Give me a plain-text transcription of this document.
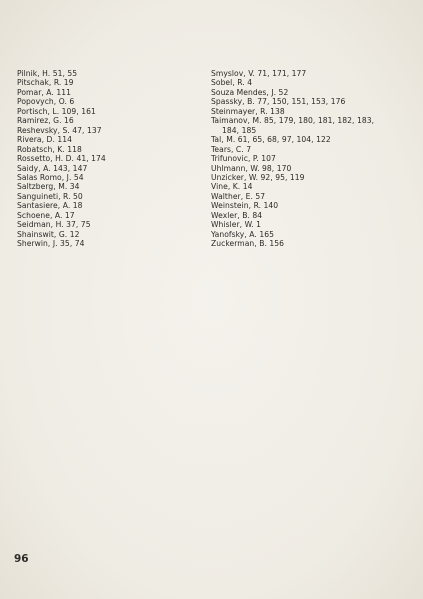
Pilnik, H. 51, 55
Pitschak, R. 19
Pomar, A. 111
Popovych, O. 6
Portisch, L. 109, 161
Ramirez, G. 16
Reshevsky, S. 47, 137
Rivera, D. 114
Robatsch, K. 118
Rossetto, H. D. 41, 174
Saidy, A. 143, 147
Salas Romo, J. 54
Saltzberg, M. 34
Sanguineti, R. 50
Santasiere, A. 18
Schoene, A. 17
Seidman, H. 37, 75
Shainswit, G. 12
Sherwin, J. 35, 74
Smyslov, V. 71, 171, 177
Sobel, R. 4
Souza Mendes, J. 52
Spassky, B. 77, 150, 151, 153, 176
Steinmayer, R. 138
Taimanov, M. 85, 179, 180, 181, 182, 183,
184, 185
Tal, M. 61, 65, 68, 97, 104, 122
Tears, C. 7
Trifunovic, P. 107
Uhlmann, W. 98, 170
Unzicker, W. 92, 95, 119
Vine, K. 14
Walther, E. 57
Weinstein, R. 140
Wexler, B. 84
Whisler, W. 1
Yanofsky, A. 165
Zuckerman, B. 156
96
